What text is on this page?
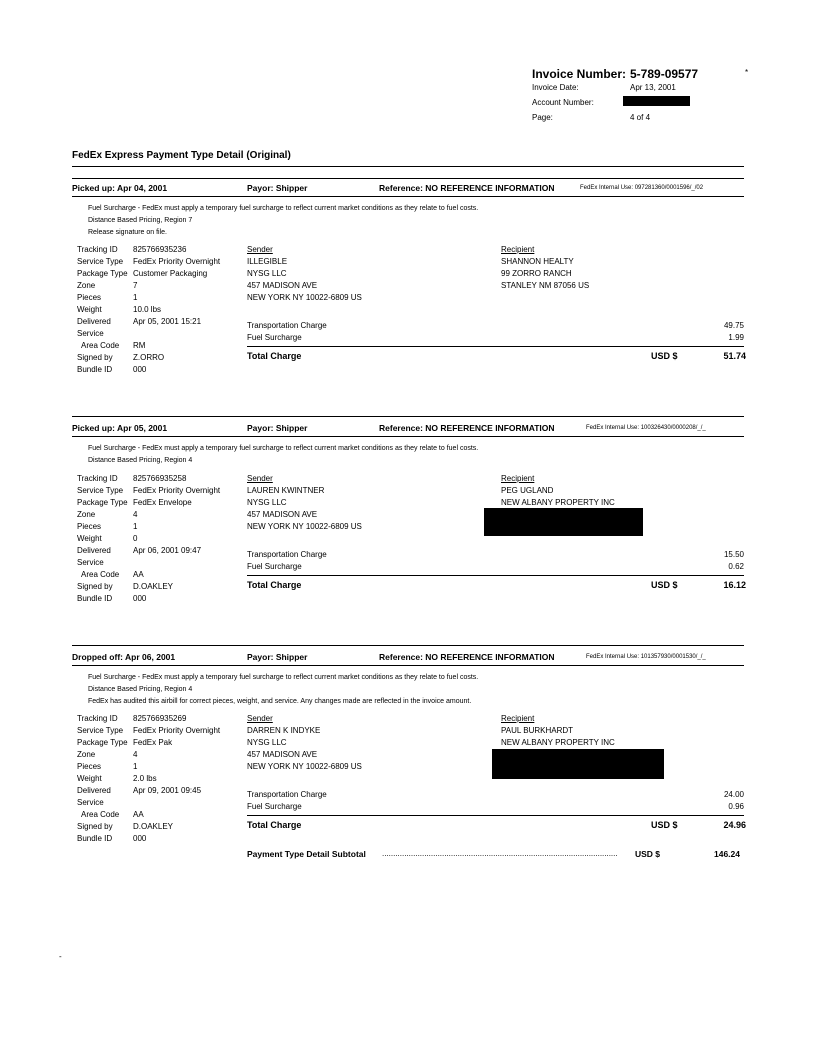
Invoice Number: 5-789-09577	*
Invoice Date:	Apr 13, 2001
Account Number:
Page:	4 of 4
FedEx Express Payment Type Detail (Original)
Picked up: Apr 04, 2001	Payor: Shipper	Reference: NO REFERENCE INFORMATION	FedEx Internal Use: 097281360/0001596/_/02
Fuel Surcharge - FedEx must apply a temporary fuel surcharge to reflect current market conditions as they relate to fuel costs.
Distance Based Pricing, Region 7
Release signature on file.
Tracking ID 825766935236
Service Type FedEx Priority Overnight
Package Type Customer Packaging
Zone	7
Pieces	1
Weight	10.0 lbs
Delivered	Apr 05, 2001 15:21
Service
Area Code RM
Signed by	Z.ORRO
Bundle ID	000
Sender
ILLEGIBLE
NYSG LLC
457 MADISON AVE
NEW YORK NY 10022-6809 US
Recipient
SHANNON HEALTY
99 ZORRO RANCH
STANLEY NM 87056 US
Transportation Charge	49.75
Fuel Surcharge	1.99
Total Charge	USD $	51.74
Picked up: Apr 05, 2001	Payor: Shipper	Reference: NO REFERENCE INFORMATION	FedEx Internal Use: 100326430/0000208/_/_
Fuel Surcharge - FedEx must apply a temporary fuel surcharge to reflect current market conditions as they relate to fuel costs.
Distance Based Pricing, Region 4
Tracking ID 825766935258
Service Type FedEx Priority Overnight
Package Type FedEx Envelope
Zone	4
Pieces	1
Weight	0
Delivered	Apr 06, 2001 09:47
Service
Area Code AA
Signed by	D.OAKLEY
Bundle ID	000
Sender
LAUREN KWINTNER
NYSG LLC
457 MADISON AVE
NEW YORK NY 10022-6809 US
Recipient
PEG UGLAND
NEW ALBANY PROPERTY INC
Transportation Charge	15.50
Fuel Surcharge	0.62
Total Charge	USD $	16.12
Dropped off: Apr 06, 2001	Payor: Shipper	Reference: NO REFERENCE INFORMATION	FedEx Internal Use: 101357930/0001530/_/_
Fuel Surcharge - FedEx must apply a temporary fuel surcharge to reflect current market conditions as they relate to fuel costs.
Distance Based Pricing, Region 4
FedEx has audited this airbill for correct pieces, weight, and service. Any changes made are reflected in the invoice amount.
Tracking ID 825766935269
Service Type FedEx Priority Overnight
Package Type FedEx Pak
Zone	4
Pieces	1
Weight	2.0 lbs
Delivered	Apr 09, 2001 09:45
Service
Area Code AA
Signed by	D.OAKLEY
Bundle ID	000
Sender
DARREN K INDYKE
NYSG LLC
457 MADISON AVE
NEW YORK NY 10022-6809 US
Recipient
PAUL BURKHARDT
NEW ALBANY PROPERTY INC
Transportation Charge	24.00
Fuel Surcharge	0.96
Total Charge	USD $	24.96
Payment Type Detail Subtotal ..........................................................................................................	USD $	146.24
-
